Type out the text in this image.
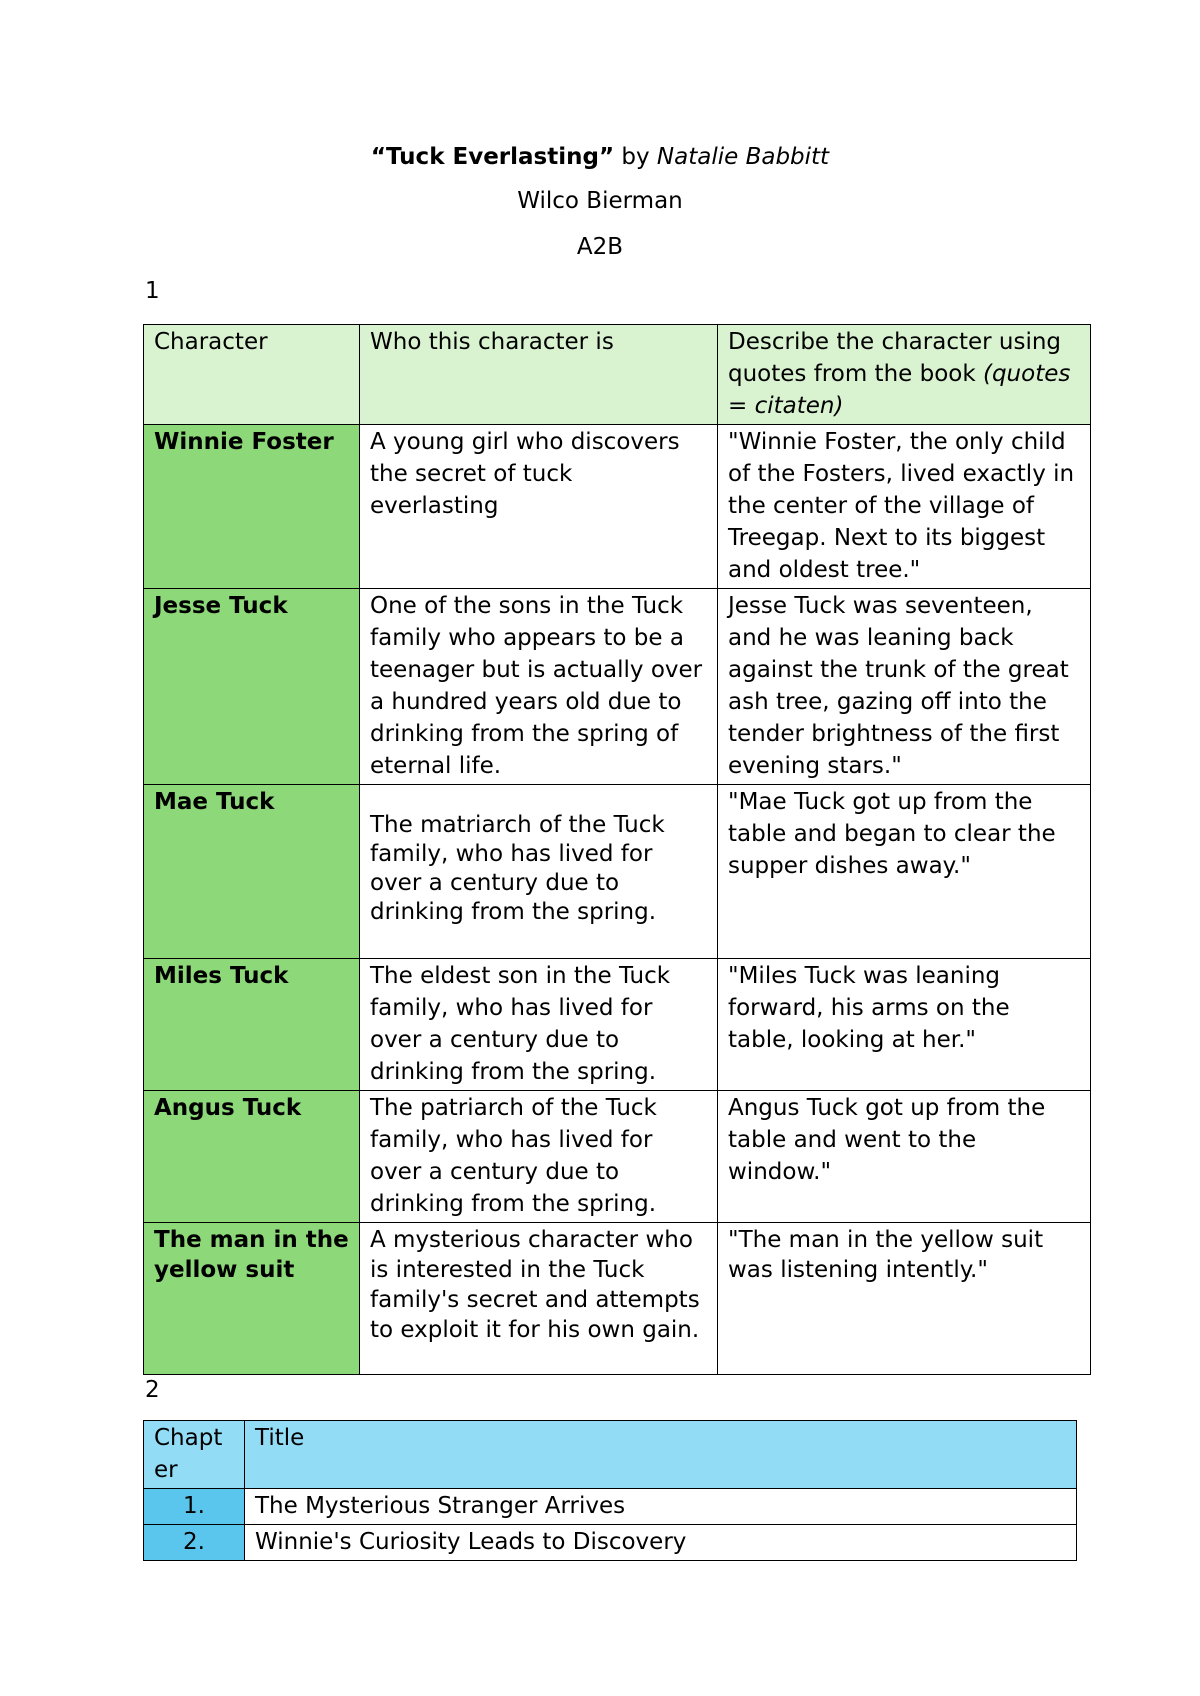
“Tuck Everlasting” by Natalie Babbitt
Wilco Bierman
A2B
1
Character	Who this character is	Describe the character using quotes from the book (quotes = citaten)
Winnie Foster	A young girl who discovers the secret of tuck everlasting	"Winnie Foster, the only child of the Fosters, lived exactly in the center of the village of Treegap. Next to its biggest and oldest tree."
Jesse Tuck	One of the sons in the Tuck family who appears to be a teenager but is actually over a hundred years old due to drinking from the spring of eternal life.	Jesse Tuck was seventeen, and he was leaning back against the trunk of the great ash tree, gazing off into the tender brightness of the first evening stars."
Mae Tuck	The matriarch of the Tuck family, who has lived for over a century due to drinking from the spring.	"Mae Tuck got up from the table and began to clear the supper dishes away."
Miles Tuck	The eldest son in the Tuck family, who has lived for over a century due to drinking from the spring.	"Miles Tuck was leaning forward, his arms on the table, looking at her."
Angus Tuck	The patriarch of the Tuck family, who has lived for over a century due to drinking from the spring.	Angus Tuck got up from the table and went to the window."
The man in the yellow suit	A mysterious character who is interested in the Tuck family's secret and attempts to exploit it for his own gain.	"The man in the yellow suit was listening intently."
2
Chapter	Title
1.	The Mysterious Stranger Arrives
2.	Winnie's Curiosity Leads to Discovery
